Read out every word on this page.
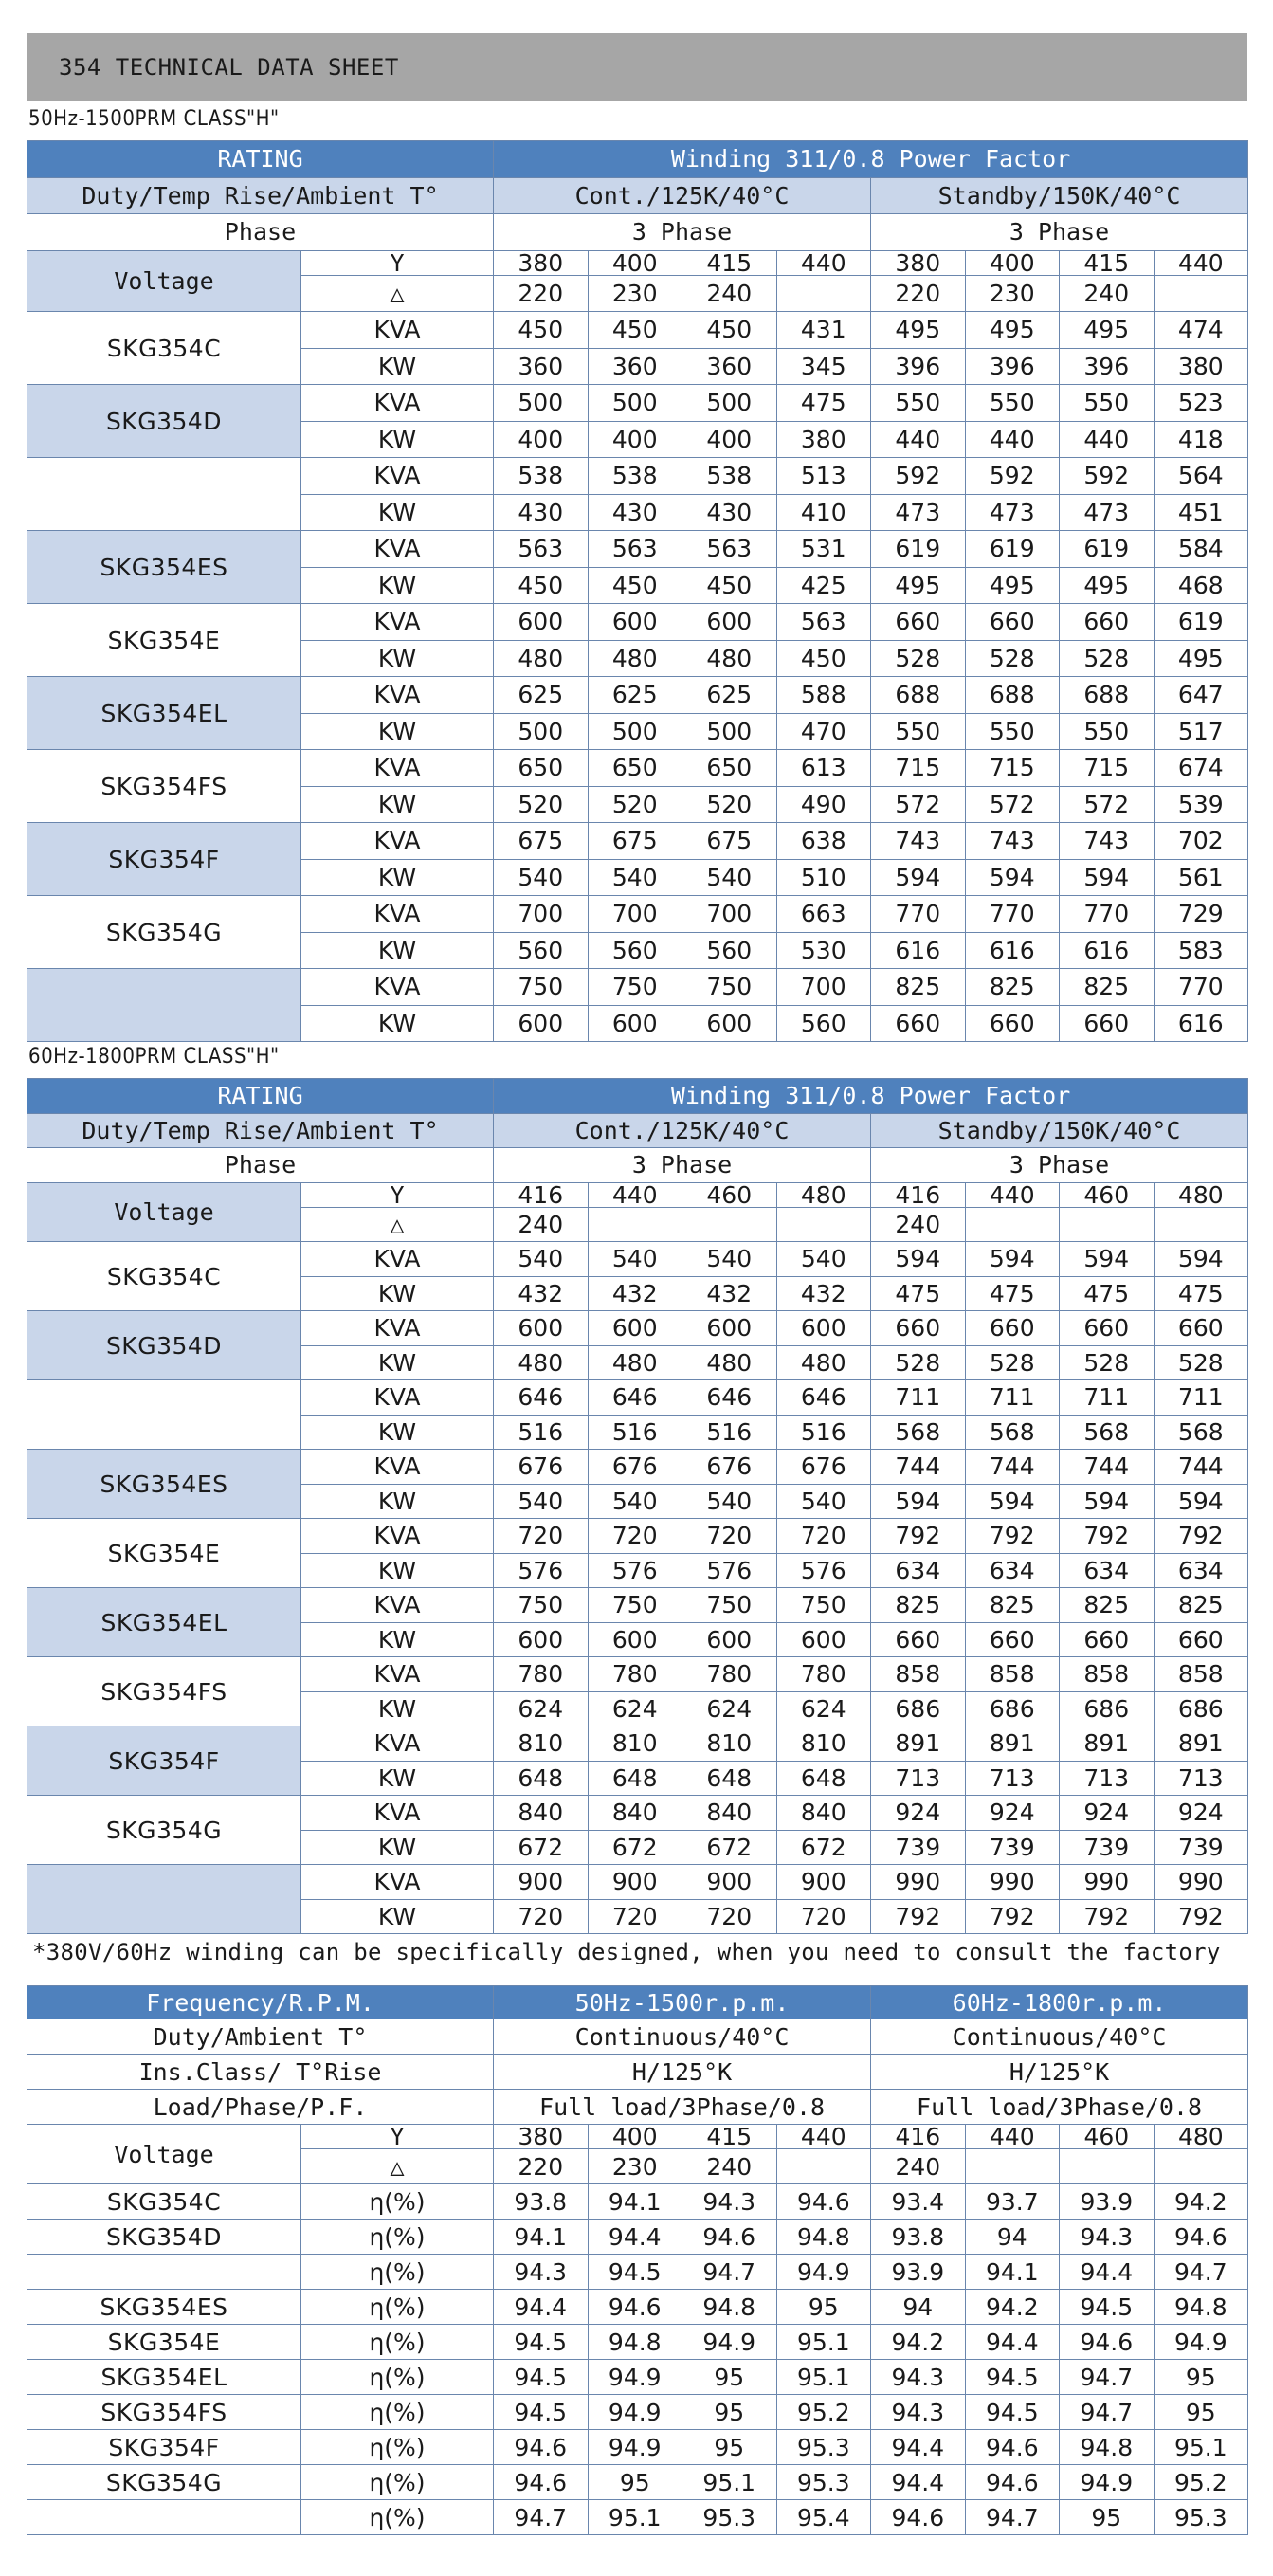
354 TECHNICAL DATA SHEET
50Hz-1500PRM CLASS"H"
RATING		Winding 311/0.8 Power Factor							
Duty/Temp Rise/Ambient T°		Cont./125K/40°C				Standby/150K/40°C			
Phase		3 Phase				3 Phase			
Voltage	Y	380	400	415	440	380	400	415	440
	△	220	230	240		220	230	240	
SKG354C	KVA	450	450	450	431	495	495	495	474
	KW	360	360	360	345	396	396	396	380
SKG354D	KVA	500	500	500	475	550	550	550	523
	KW	400	400	400	380	440	440	440	418
	KVA	538	538	538	513	592	592	592	564
	KW	430	430	430	410	473	473	473	451
SKG354ES	KVA	563	563	563	531	619	619	619	584
	KW	450	450	450	425	495	495	495	468
SKG354E	KVA	600	600	600	563	660	660	660	619
	KW	480	480	480	450	528	528	528	495
SKG354EL	KVA	625	625	625	588	688	688	688	647
	KW	500	500	500	470	550	550	550	517
SKG354FS	KVA	650	650	650	613	715	715	715	674
	KW	520	520	520	490	572	572	572	539
SKG354F	KVA	675	675	675	638	743	743	743	702
	KW	540	540	540	510	594	594	594	561
SKG354G	KVA	700	700	700	663	770	770	770	729
	KW	560	560	560	530	616	616	616	583
	KVA	750	750	750	700	825	825	825	770
	KW	600	600	600	560	660	660	660	616
60Hz-1800PRM CLASS"H"
RATING		Winding 311/0.8 Power Factor							
Duty/Temp Rise/Ambient T°		Cont./125K/40°C				Standby/150K/40°C			
Phase		3 Phase				3 Phase			
Voltage	Y	416	440	460	480	416	440	460	480
	△	240				240			
SKG354C	KVA	540	540	540	540	594	594	594	594
	KW	432	432	432	432	475	475	475	475
SKG354D	KVA	600	600	600	600	660	660	660	660
	KW	480	480	480	480	528	528	528	528
	KVA	646	646	646	646	711	711	711	711
	KW	516	516	516	516	568	568	568	568
SKG354ES	KVA	676	676	676	676	744	744	744	744
	KW	540	540	540	540	594	594	594	594
SKG354E	KVA	720	720	720	720	792	792	792	792
	KW	576	576	576	576	634	634	634	634
SKG354EL	KVA	750	750	750	750	825	825	825	825
	KW	600	600	600	600	660	660	660	660
SKG354FS	KVA	780	780	780	780	858	858	858	858
	KW	624	624	624	624	686	686	686	686
SKG354F	KVA	810	810	810	810	891	891	891	891
	KW	648	648	648	648	713	713	713	713
SKG354G	KVA	840	840	840	840	924	924	924	924
	KW	672	672	672	672	739	739	739	739
	KVA	900	900	900	900	990	990	990	990
	KW	720	720	720	720	792	792	792	792
*380V/60Hz winding can be specifically designed, when you need to consult the factory
Frequency/R.P.M.		50Hz-1500r.p.m.				60Hz-1800r.p.m.			
Duty/Ambient T°		Continuous/40°C				Continuous/40°C			
Ins.Class/ T°Rise		H/125°K				H/125°K			
Load/Phase/P.F.		Full load/3Phase/0.8				Full load/3Phase/0.8			
Voltage	Y	380	400	415	440	416	440	460	480
	△	220	230	240		240			
SKG354C	η(%)	93.8	94.1	94.3	94.6	93.4	93.7	93.9	94.2
SKG354D	η(%)	94.1	94.4	94.6	94.8	93.8	94	94.3	94.6
	η(%)	94.3	94.5	94.7	94.9	93.9	94.1	94.4	94.7
SKG354ES	η(%)	94.4	94.6	94.8	95	94	94.2	94.5	94.8
SKG354E	η(%)	94.5	94.8	94.9	95.1	94.2	94.4	94.6	94.9
SKG354EL	η(%)	94.5	94.9	95	95.1	94.3	94.5	94.7	95
SKG354FS	η(%)	94.5	94.9	95	95.2	94.3	94.5	94.7	95
SKG354F	η(%)	94.6	94.9	95	95.3	94.4	94.6	94.8	95.1
SKG354G	η(%)	94.6	95	95.1	95.3	94.4	94.6	94.9	95.2
	η(%)	94.7	95.1	95.3	95.4	94.6	94.7	95	95.3
